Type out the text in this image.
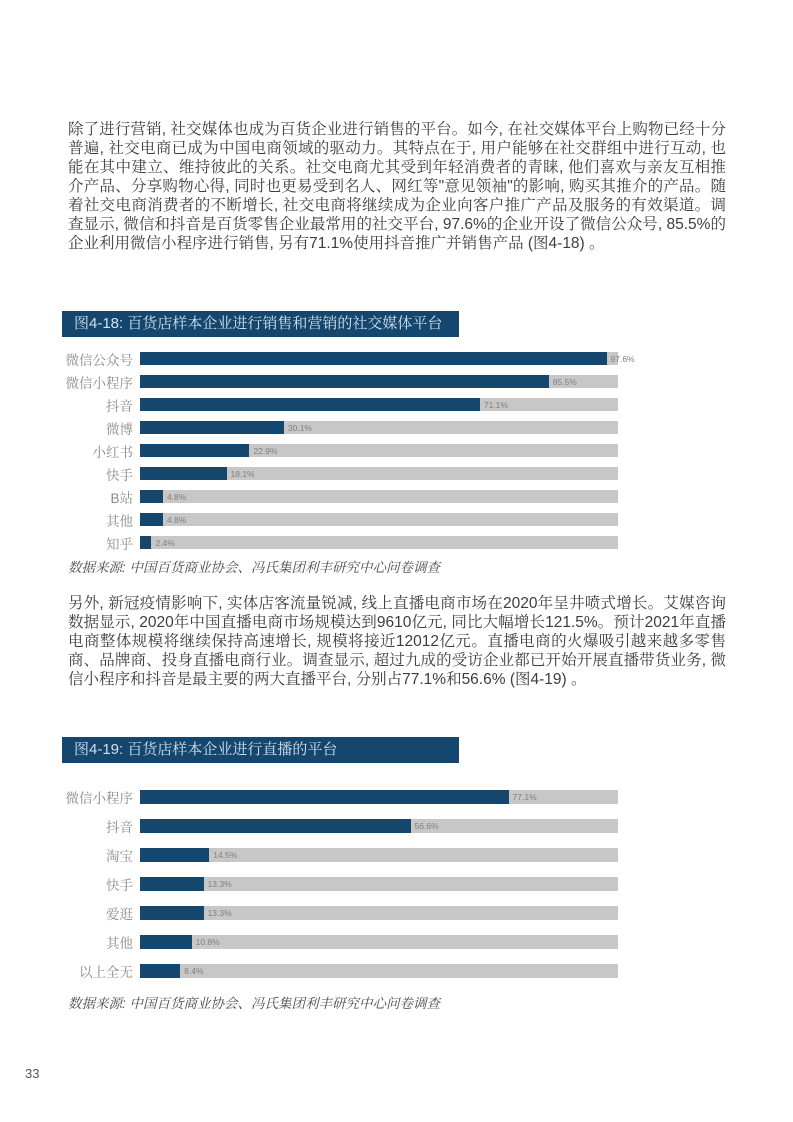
除了进行营销, 社交媒体也成为百货企业进行销售的平台。如今, 在社交媒体平台上购物已经十分普遍, 社交电商已成为中国电商领域的驱动力。其特点在于, 用户能够在社交群组中进行互动, 也能在其中建立、维持彼此的关系。社交电商尤其受到年轻消费者的青睐, 他们喜欢与亲友互相推介产品、分享购物心得, 同时也更易受到名人、网红等"意见领袖"的影响, 购买其推介的产品。随着社交电商消费者的不断增长, 社交电商将继续成为企业向客户推广产品及服务的有效渠道。调查显示, 微信和抖音是百货零售企业最常用的社交平台, 97.6%的企业开设了微信公众号, 85.5%的企业利用微信小程序进行销售, 另有71.1%使用抖音推广并销售产品 (图4-18) 。

图4-18: 百货店样本企业进行销售和营销的社交媒体平台
微信公众号	97.6%
微信小程序	85.5%
抖音	71.1%
微博	30.1%
小红书	22.9%
快手	18.1%
B站	4.8%
其他	4.8%
知乎	2.4%

数据来源: 中国百货商业协会、冯氏集团利丰研究中心问卷调查

另外, 新冠疫情影响下, 实体店客流量锐减, 线上直播电商市场在2020年呈井喷式增长。艾媒咨询数据显示, 2020年中国直播电商市场规模达到9610亿元, 同比大幅增长121.5%。预计2021年直播电商整体规模将继续保持高速增长, 规模将接近12012亿元。直播电商的火爆吸引越来越多零售商、品牌商、投身直播电商行业。调查显示, 超过九成的受访企业都已开始开展直播带货业务, 微信小程序和抖音是最主要的两大直播平台, 分别占77.1%和56.6% (图4-19) 。

图4-19: 百货店样本企业进行直播的平台
微信小程序	77.1%
抖音	56.6%
淘宝	14.5%
快手	13.3%
爱逛	13.3%
其他	10.8%
以上全无	8.4%

数据来源: 中国百货商业协会、冯氏集团利丰研究中心问卷调查

33
